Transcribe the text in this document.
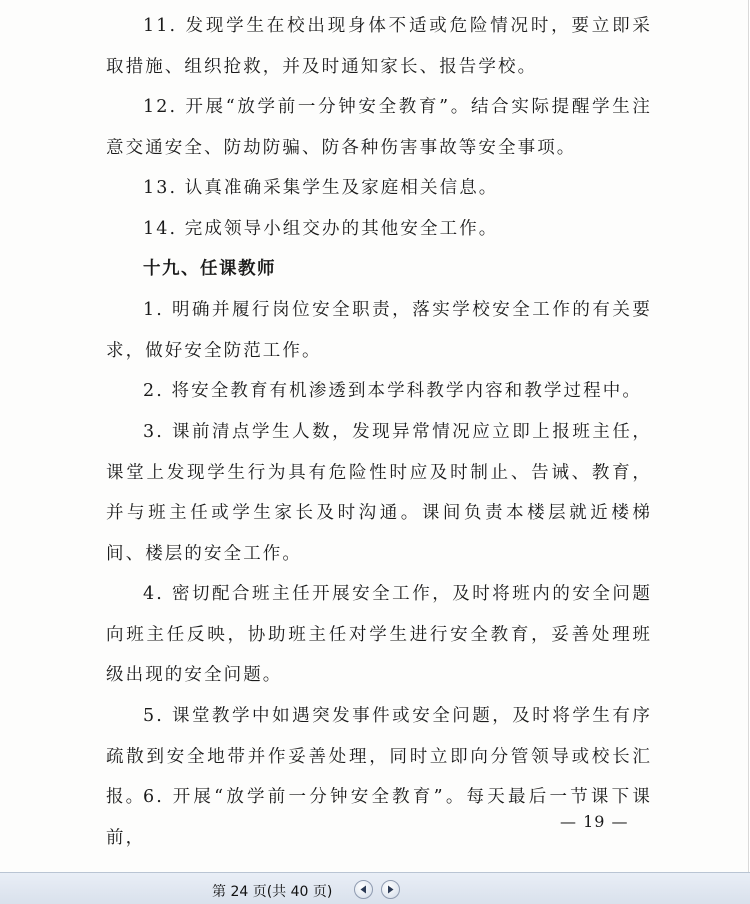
11. 发现学生在校出现身体不适或危险情况时，要立即采取措施、组织抢救，并及时通知家长、报告学校。

12. 开展“放学前一分钟安全教育”。结合实际提醒学生注意交通安全、防劫防骗、防各种伤害事故等安全事项。

13. 认真准确采集学生及家庭相关信息。

14. 完成领导小组交办的其他安全工作。

十九、任课教师

1. 明确并履行岗位安全职责，落实学校安全工作的有关要求，做好安全防范工作。

2. 将安全教育有机渗透到本学科教学内容和教学过程中。

3. 课前清点学生人数，发现异常情况应立即上报班主任，课堂上发现学生行为具有危险性时应及时制止、告诫、教育，并与班主任或学生家长及时沟通。课间负责本楼层就近楼梯间、楼层的安全工作。

4. 密切配合班主任开展安全工作，及时将班内的安全问题向班主任反映，协助班主任对学生进行安全教育，妥善处理班级出现的安全问题。

5. 课堂教学中如遇突发事件或安全问题，及时将学生有序疏散到安全地带并作妥善处理，同时立即向分管领导或校长汇报。

6. 开展“放学前一分钟安全教育”。每天最后一节课下课前，

— 19 —

第 24 页(共 40 页)
